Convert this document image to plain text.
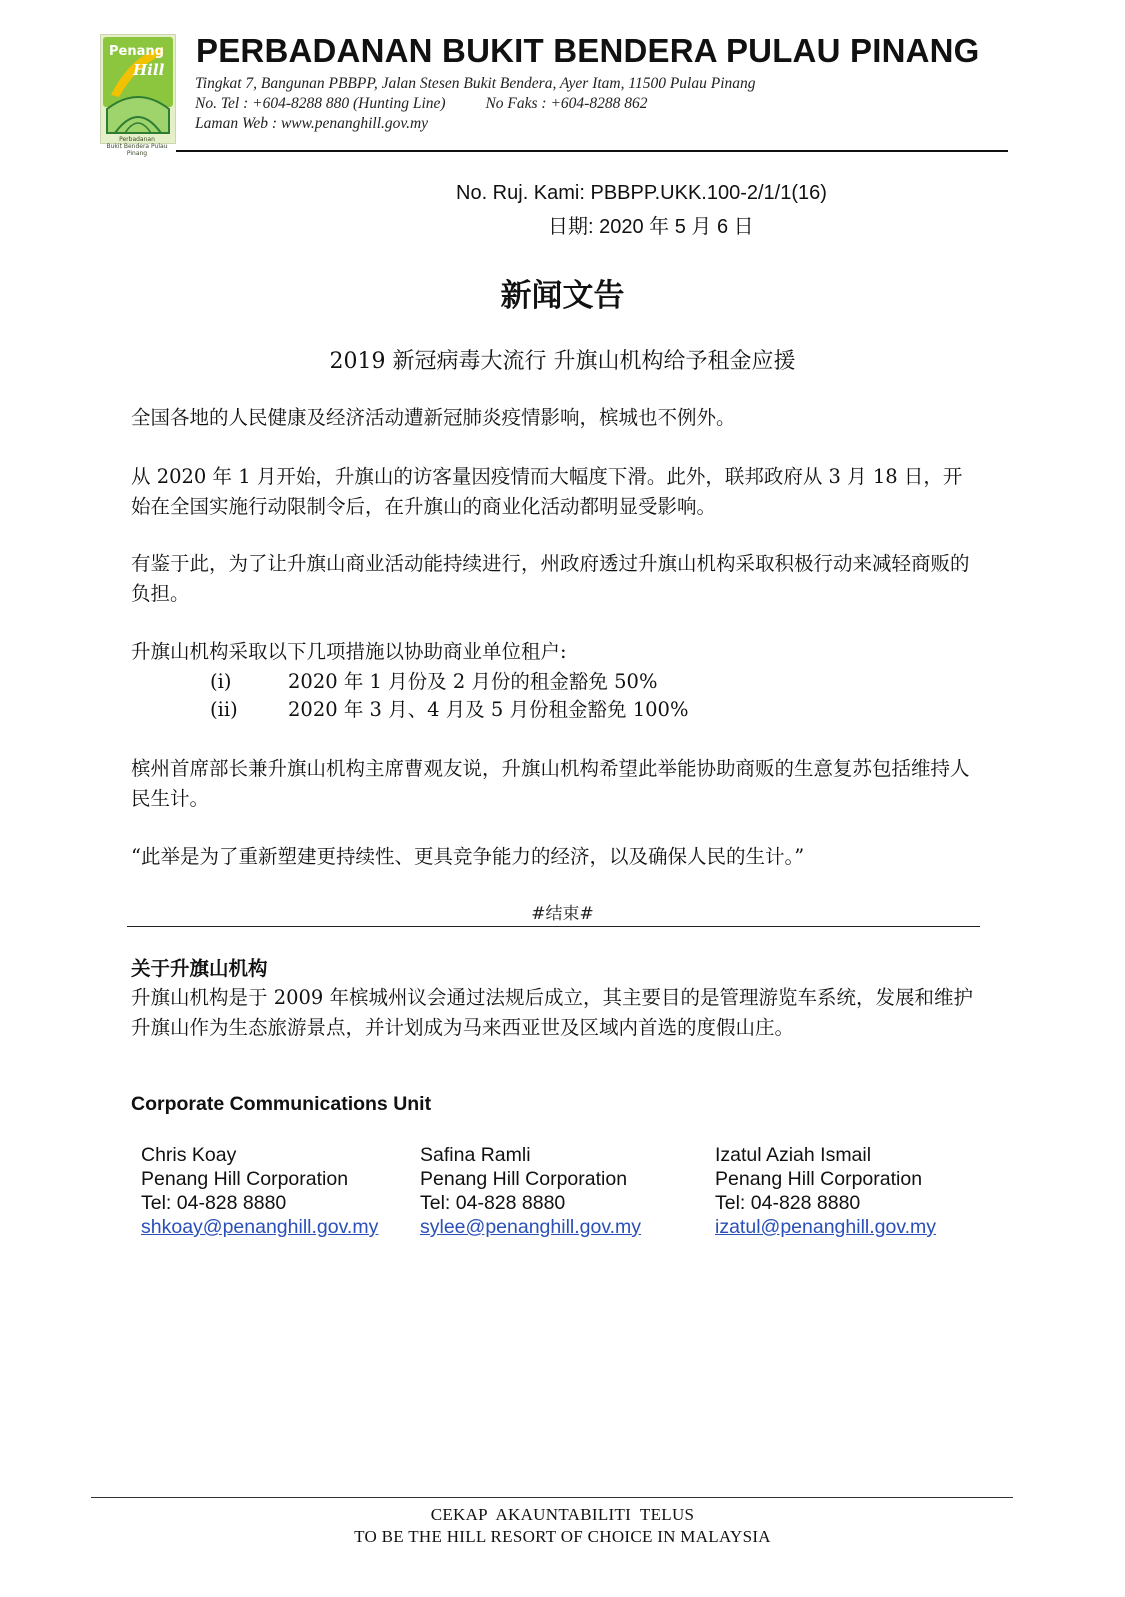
Penang
Hill
Perbadanan
Bukit Bendera Pulau Pinang
PERBADANAN BUKIT BENDERA PULAU PINANG
Tingkat 7, Bangunan PBBPP, Jalan Stesen Bukit Bendera, Ayer Itam, 11500 Pulau Pinang
No. Tel : +604-8288 880 (Hunting Line)	No Faks : +604-8288 862
Laman Web : www.penanghill.gov.my
No. Ruj. Kami: PBBPP.UKK.100-2/1/1(16)
日期: 2020 年 5 月 6 日
新闻文告
2019 新冠病毒大流行 升旗山机构给予租金应援
全国各地的人民健康及经济活动遭新冠肺炎疫情影响，槟城也不例外。
从 2020 年 1 月开始，升旗山的访客量因疫情而大幅度下滑。此外，联邦政府从 3 月 18 日，开始在全国实施行动限制令后，在升旗山的商业化活动都明显受影响。
有鉴于此，为了让升旗山商业活动能持续进行，州政府透过升旗山机构采取积极行动来减轻商贩的负担。
升旗山机构采取以下几项措施以协助商业单位租户:
(i)	2020 年 1 月份及 2 月份的租金豁免 50%
(ii)	2020 年 3 月、4 月及 5 月份租金豁免 100%
槟州首席部长兼升旗山机构主席曹观友说，升旗山机构希望此举能协助商贩的生意复苏包括维持人民生计。
“此举是为了重新塑建更持续性、更具竞争能力的经济，以及确保人民的生计。”
#结束#
关于升旗山机构
升旗山机构是于 2009 年槟城州议会通过法规后成立，其主要目的是管理游览车系统，发展和维护升旗山作为生态旅游景点，并计划成为马来西亚世及区域内首选的度假山庄。
Corporate Communications Unit
Chris Koay
Penang Hill Corporation
Tel: 04-828 8880
shkoay@penanghill.gov.my
Safina Ramli
Penang Hill Corporation
Tel: 04-828 8880
sylee@penanghill.gov.my
Izatul Aziah Ismail
Penang Hill Corporation
Tel: 04-828 8880
izatul@penanghill.gov.my
CEKAP  AKAUNTABILITI  TELUS
TO BE THE HILL RESORT OF CHOICE IN MALAYSIA
